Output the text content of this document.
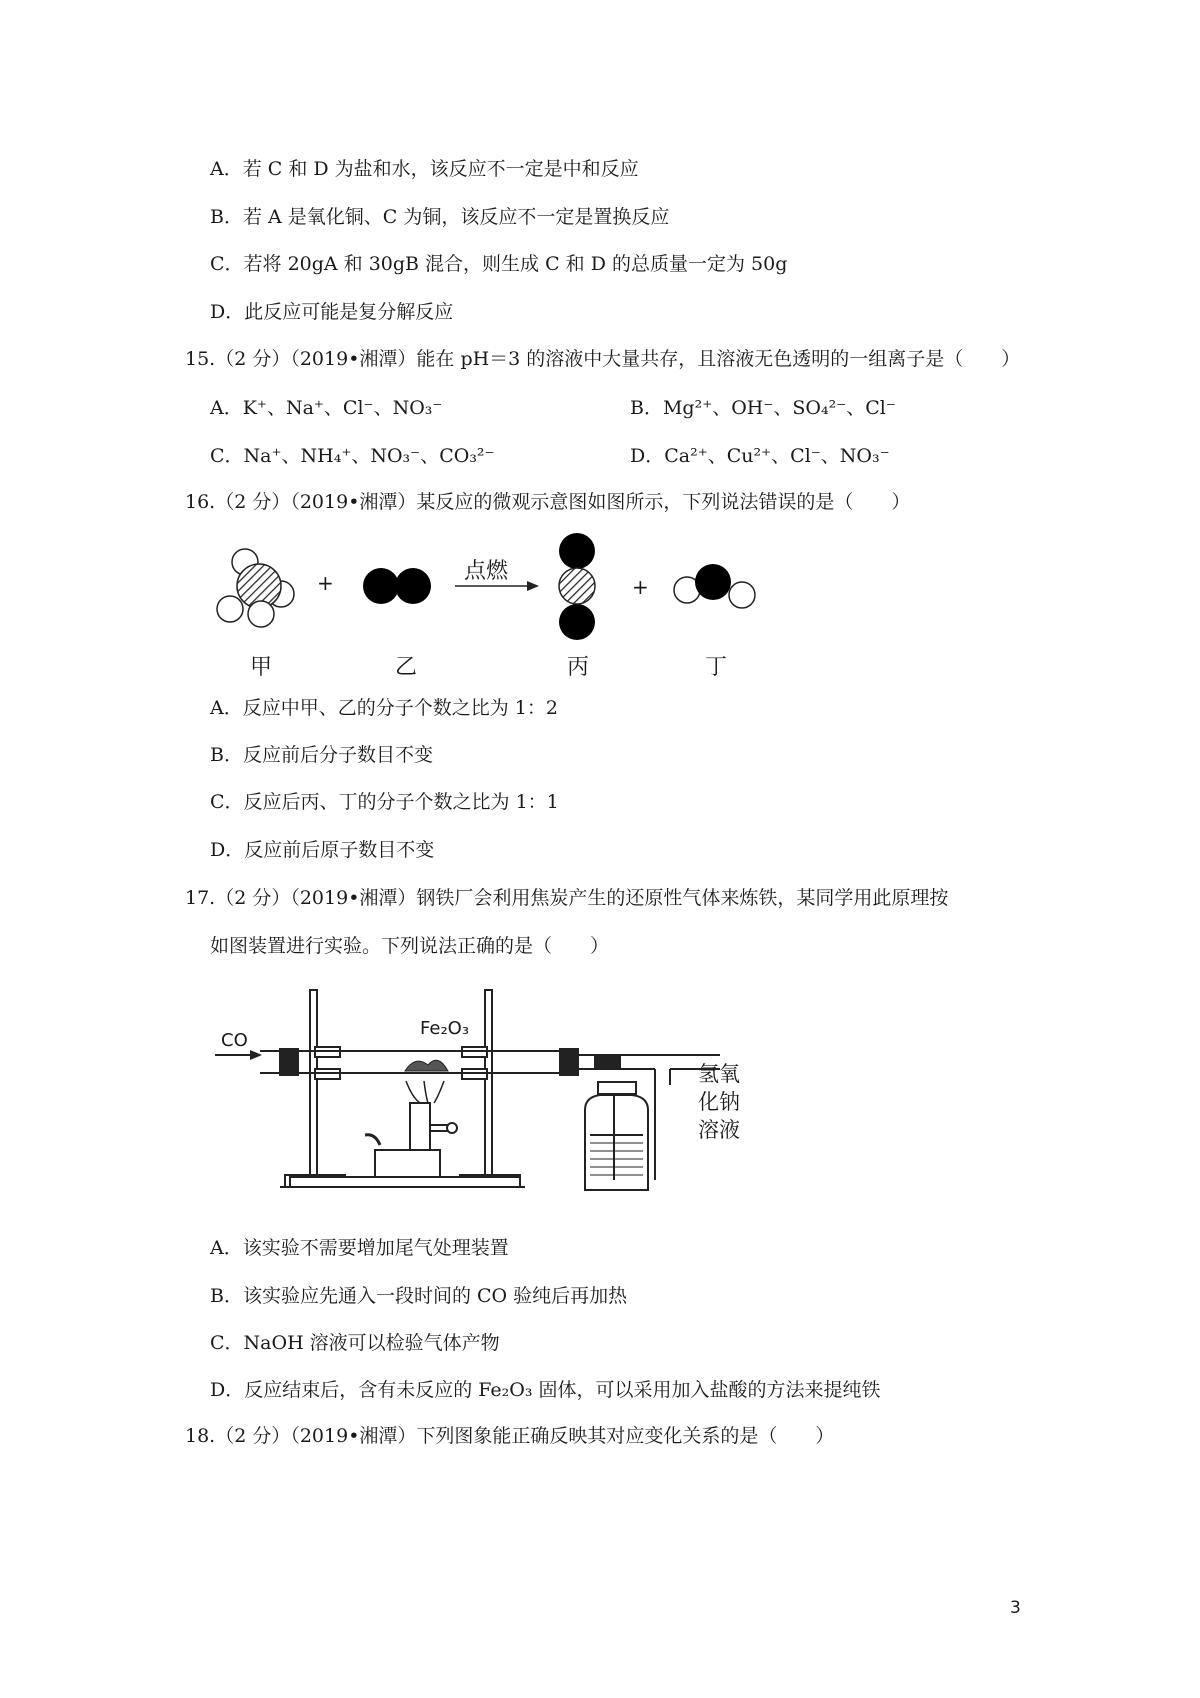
A．若 C 和 D 为盐和水，该反应不一定是中和反应
B．若 A 是氧化铜、C 为铜，该反应不一定是置换反应
C．若将 20gA 和 30gB 混合，则生成 C 和 D 的总质量一定为 50g
D．此反应可能是复分解反应
15.（2 分）（2019•湘潭）能在 pH＝3 的溶液中大量共存，且溶液无色透明的一组离子是（　　）
A．K⁺、Na⁺、Cl⁻、NO₃⁻	B．Mg²⁺、OH⁻、SO₄²⁻、Cl⁻
C．Na⁺、NH₄⁺、NO₃⁻、CO₃²⁻	D．Ca²⁺、Cu²⁺、Cl⁻、NO₃⁻
16.（2 分）（2019•湘潭）某反应的微观示意图如图所示，下列说法错误的是（　　）
+	+
点燃
甲	乙	丙	丁
A．反应中甲、乙的分子个数之比为 1：2
B．反应前后分子数目不变
C．反应后丙、丁的分子个数之比为 1：1
D．反应前后原子数目不变
17.（2 分）（2019•湘潭）钢铁厂会利用焦炭产生的还原性气体来炼铁，某同学用此原理按
如图装置进行实验。下列说法正确的是（　　）
CO
Fe₂O₃
氢氧
化钠
溶液
A．该实验不需要增加尾气处理装置
B．该实验应先通入一段时间的 CO 验纯后再加热
C．NaOH 溶液可以检验气体产物
D．反应结束后，含有未反应的 Fe₂O₃ 固体，可以采用加入盐酸的方法来提纯铁
18.（2 分）（2019•湘潭）下列图象能正确反映其对应变化关系的是（　　）
3
